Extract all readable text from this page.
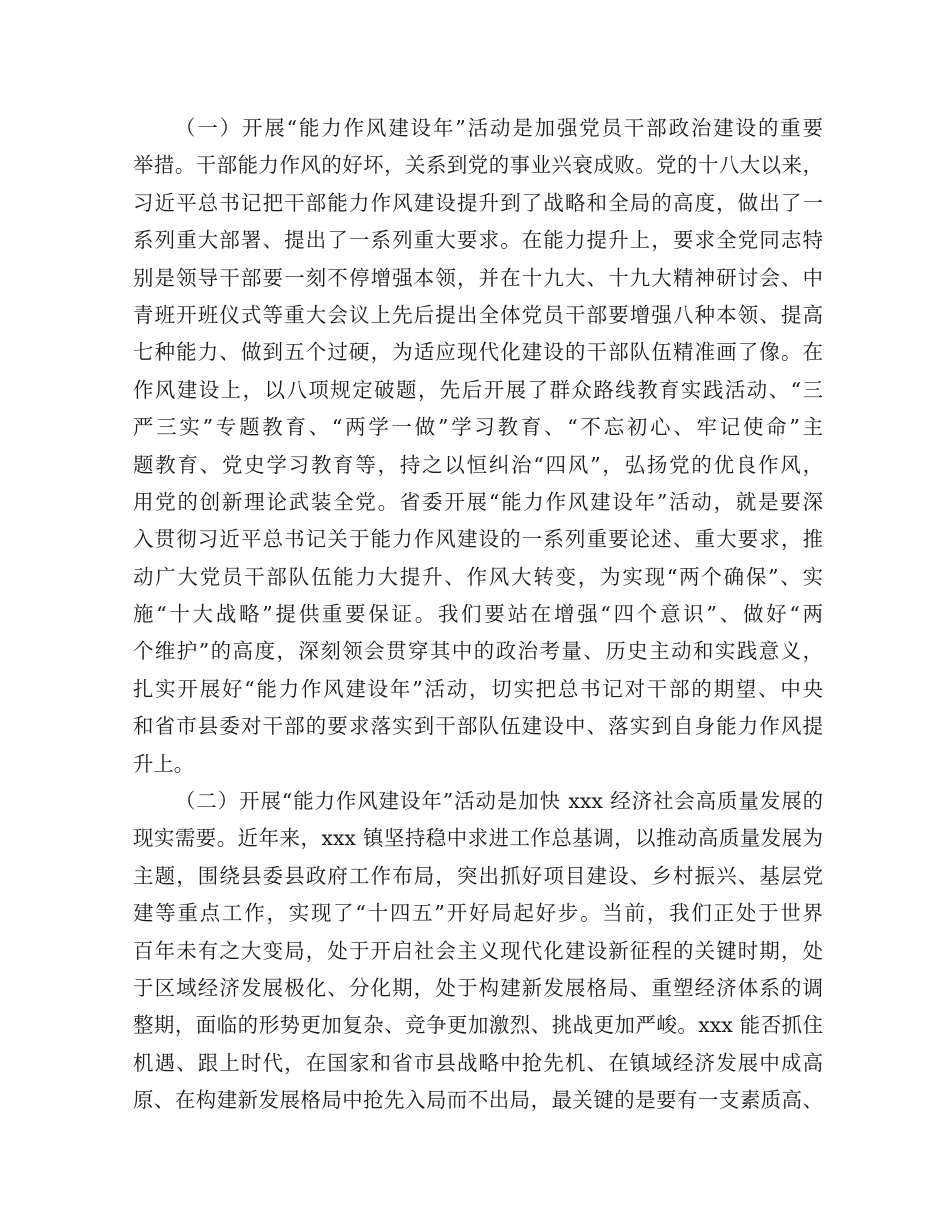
（一）开展“能力作风建设年”活动是加强党员干部政治建设的重要
举措。干部能力作风的好坏，关系到党的事业兴衰成败。党的十八大以来，
习近平总书记把干部能力作风建设提升到了战略和全局的高度，做出了一
系列重大部署、提出了一系列重大要求。在能力提升上，要求全党同志特
别是领导干部要一刻不停增强本领，并在十九大、十九大精神研讨会、中
青班开班仪式等重大会议上先后提出全体党员干部要增强八种本领、提高
七种能力、做到五个过硬，为适应现代化建设的干部队伍精准画了像。在
作风建设上，以八项规定破题，先后开展了群众路线教育实践活动、“三
严三实”专题教育、“两学一做”学习教育、“不忘初心、牢记使命”主
题教育、党史学习教育等，持之以恒纠治“四风”，弘扬党的优良作风，
用党的创新理论武装全党。省委开展“能力作风建设年”活动，就是要深
入贯彻习近平总书记关于能力作风建设的一系列重要论述、重大要求，推
动广大党员干部队伍能力大提升、作风大转变，为实现“两个确保”、实
施“十大战略”提供重要保证。我们要站在增强“四个意识”、做好“两
个维护”的高度，深刻领会贯穿其中的政治考量、历史主动和实践意义，
扎实开展好“能力作风建设年”活动，切实把总书记对干部的期望、中央
和省市县委对干部的要求落实到干部队伍建设中、落实到自身能力作风提
升上。
（二）开展“能力作风建设年”活动是加快 xxx 经济社会高质量发展的
现实需要。近年来，xxx 镇坚持稳中求进工作总基调，以推动高质量发展为
主题，围绕县委县政府工作布局，突出抓好项目建设、乡村振兴、基层党
建等重点工作，实现了“十四五”开好局起好步。当前，我们正处于世界
百年未有之大变局，处于开启社会主义现代化建设新征程的关键时期，处
于区域经济发展极化、分化期，处于构建新发展格局、重塑经济体系的调
整期，面临的形势更加复杂、竞争更加激烈、挑战更加严峻。xxx 能否抓住
机遇、跟上时代，在国家和省市县战略中抢先机、在镇域经济发展中成高
原、在构建新发展格局中抢先入局而不出局，最关键的是要有一支素质高、
